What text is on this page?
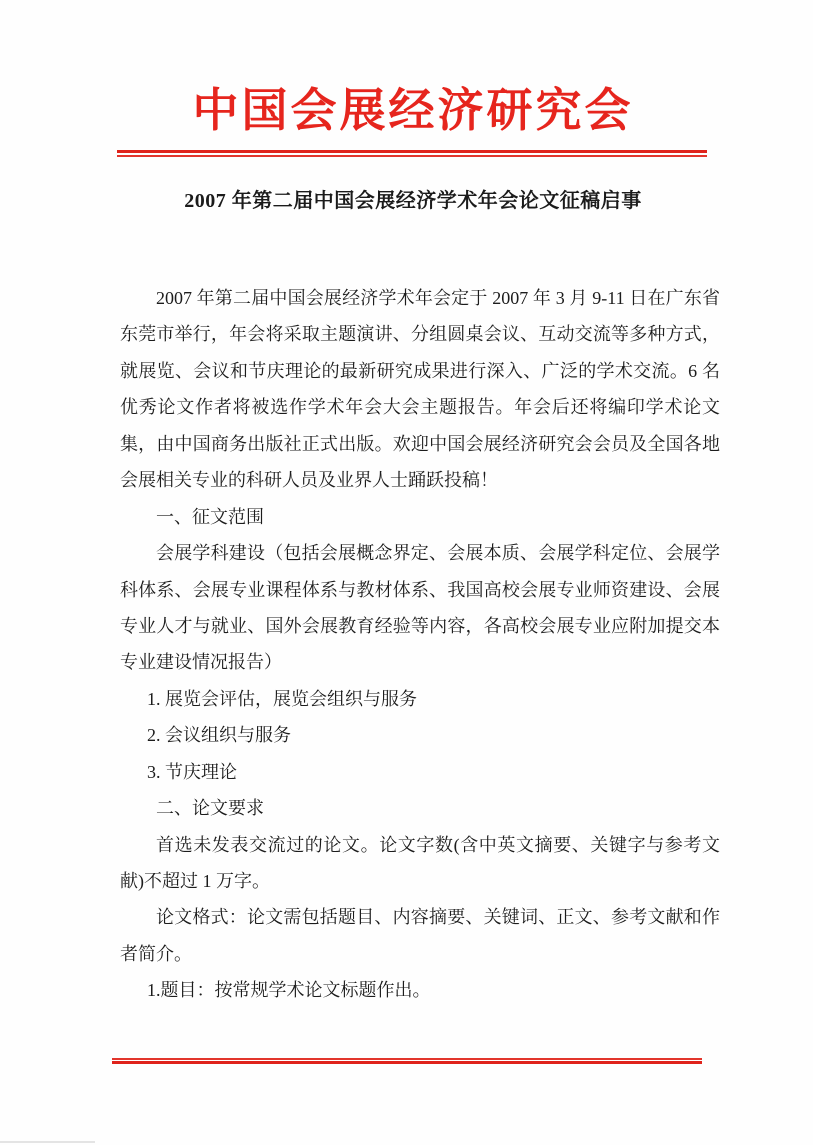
中国会展经济研究会
2007 年第二届中国会展经济学术年会论文征稿启事
2007 年第二届中国会展经济学术年会定于 2007 年 3 月 9-11 日在广东省
东莞市举行，年会将采取主题演讲、分组圆桌会议、互动交流等多种方式，
就展览、会议和节庆理论的最新研究成果进行深入、广泛的学术交流。6 名
优秀论文作者将被选作学术年会大会主题报告。年会后还将编印学术论文
集，由中国商务出版社正式出版。欢迎中国会展经济研究会会员及全国各地
会展相关专业的科研人员及业界人士踊跃投稿！
一、征文范围
会展学科建设（包括会展概念界定、会展本质、会展学科定位、会展学
科体系、会展专业课程体系与教材体系、我国高校会展专业师资建设、会展
专业人才与就业、国外会展教育经验等内容，各高校会展专业应附加提交本
专业建设情况报告）
1. 展览会评估，展览会组织与服务
2. 会议组织与服务
3. 节庆理论
二、论文要求
首选未发表交流过的论文。论文字数(含中英文摘要、关键字与参考文
献)不超过 1 万字。
论文格式：论文需包括题目、内容摘要、关键词、正文、参考文献和作
者简介。
1.题目：按常规学术论文标题作出。
